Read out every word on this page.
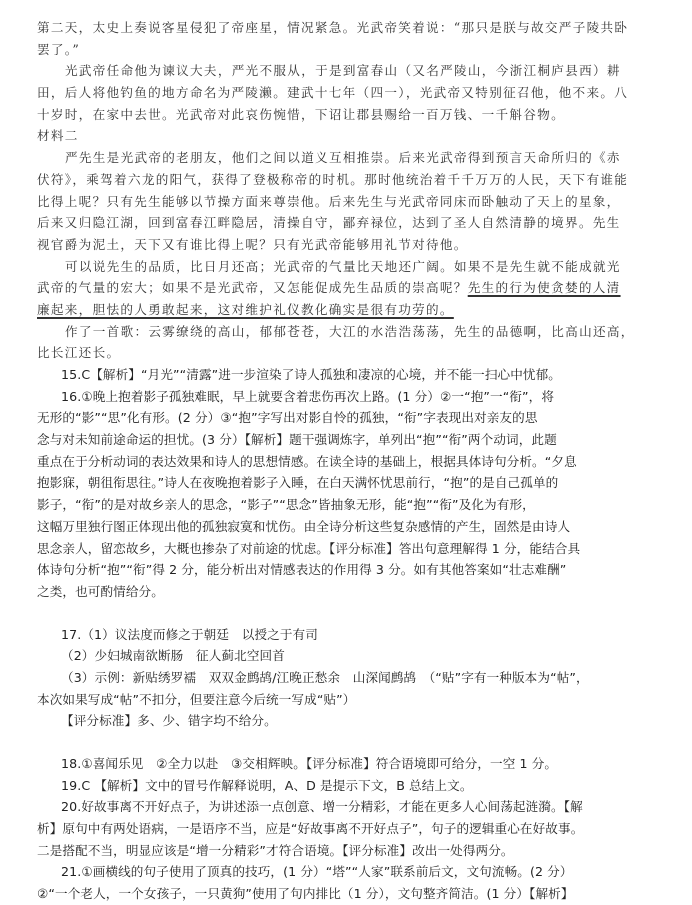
第二天，太史上奏说客星侵犯了帝座星，情况紧急。光武帝笑着说：“那只是朕与故交严子陵共卧
罢了。”
光武帝任命他为谏议大夫，严光不服从，于是到富春山（又名严陵山，今浙江桐庐县西）耕
田，后人将他钓鱼的地方命名为严陵濑。建武十七年（四一），光武帝又特别征召他，他不来。八
十岁时，在家中去世。光武帝对此哀伤惋惜，下诏让郡县赐给一百万钱、一千斛谷物。
材料二
严先生是光武帝的老朋友，他们之间以道义互相推崇。后来光武帝得到预言天命所归的《赤
伏符》，乘驾着六龙的阳气，获得了登极称帝的时机。那时他统治着千千万万的人民，天下有谁能
比得上呢？只有先生能够以节操方面来尊崇他。后来先生与光武帝同床而卧触动了天上的星象，
后来又归隐江湖，回到富春江畔隐居，清操自守，鄙弃禄位，达到了圣人自然清静的境界。先生
视官爵为泥土，天下又有谁比得上呢？只有光武帝能够用礼节对待他。
可以说先生的品质，比日月还高；光武帝的气量比天地还广阔。如果不是先生就不能成就光
武帝的气量的宏大；如果不是光武帝，又怎能促成先生品质的崇高呢？先生的行为使贪婪的人清
廉起来，胆怯的人勇敢起来，这对维护礼仪教化确实是很有功劳的。
作了一首歌：云雾缭绕的高山，郁郁苍苍，大江的水浩浩荡荡，先生的品德啊，比高山还高，
比长江还长。
15.C【解析】“月光”“清露”进一步渲染了诗人孤独和凄凉的心境，并不能一扫心中忧郁。
16.①晚上抱着影子孤独难眠，早上就要含着悲伤再次上路。(1 分）②一“抱”一“衔”，将
无形的“影”“思”化有形。(2 分）③“抱”字写出对影自怜的孤独，“衔”字表现出对亲友的思
念与对未知前途命运的担忧。(3 分）【解析】题干强调炼字，单列出“抱”“衔”两个动词，此题
重点在于分析动词的表达效果和诗人的思想情感。在读全诗的基础上，根据具体诗句分析。“夕息
抱影寐，朝徂衔思往。”诗人在夜晚抱着影子入睡，在白天满怀忧思前行，“抱”的是自己孤单的
影子，“衔”的是对故乡亲人的思念，“影子”“思念”皆抽象无形，能“抱”“衔”及化为有形，
这幅万里独行图正体现出他的孤独寂寞和忧伤。由全诗分析这些复杂感情的产生，固然是由诗人
思念亲人，留恋故乡，大概也掺杂了对前途的忧虑。【评分标准】答出句意理解得 1 分，能结合具
体诗句分析“抱”“衔”得 2 分，能分析出对情感表达的作用得 3 分。如有其他答案如“壮志难酬”
之类，也可酌情给分。
17.（1）议法度而修之于朝廷　以授之于有司
（2）少妇城南欲断肠　征人蓟北空回首
（3）示例：新贴绣罗襦　双双金鹧鸪/江晚正愁余　山深闻鹧鸪　（“贴”字有一种版本为“帖”，
本次如果写成“帖”不扣分，但要注意今后统一写成“贴”）
【评分标准】多、少、错字均不给分。
18.①喜闻乐见　②全力以赴　③交相辉映。【评分标准】符合语境即可给分，一空 1 分。
19.C 【解析】文中的冒号作解释说明，A、D 是提示下文，B 总结上文。
20.好故事离不开好点子，为讲述添一点创意、增一分精彩，才能在更多人心间荡起涟漪。【解
析】原句中有两处语病，一是语序不当，应是“好故事离不开好点子”，句子的逻辑重心在好故事。
二是搭配不当，明显应该是“增一分精彩”才符合语境。【评分标准】改出一处得两分。
21.①画横线的句子使用了顶真的技巧，(1 分）“塔”“人家”联系前后文，文句流畅。(2 分）
②“一个老人，一个女孩子，一只黄狗”使用了句内排比（1 分），文句整齐简洁。(1 分）【解析】
